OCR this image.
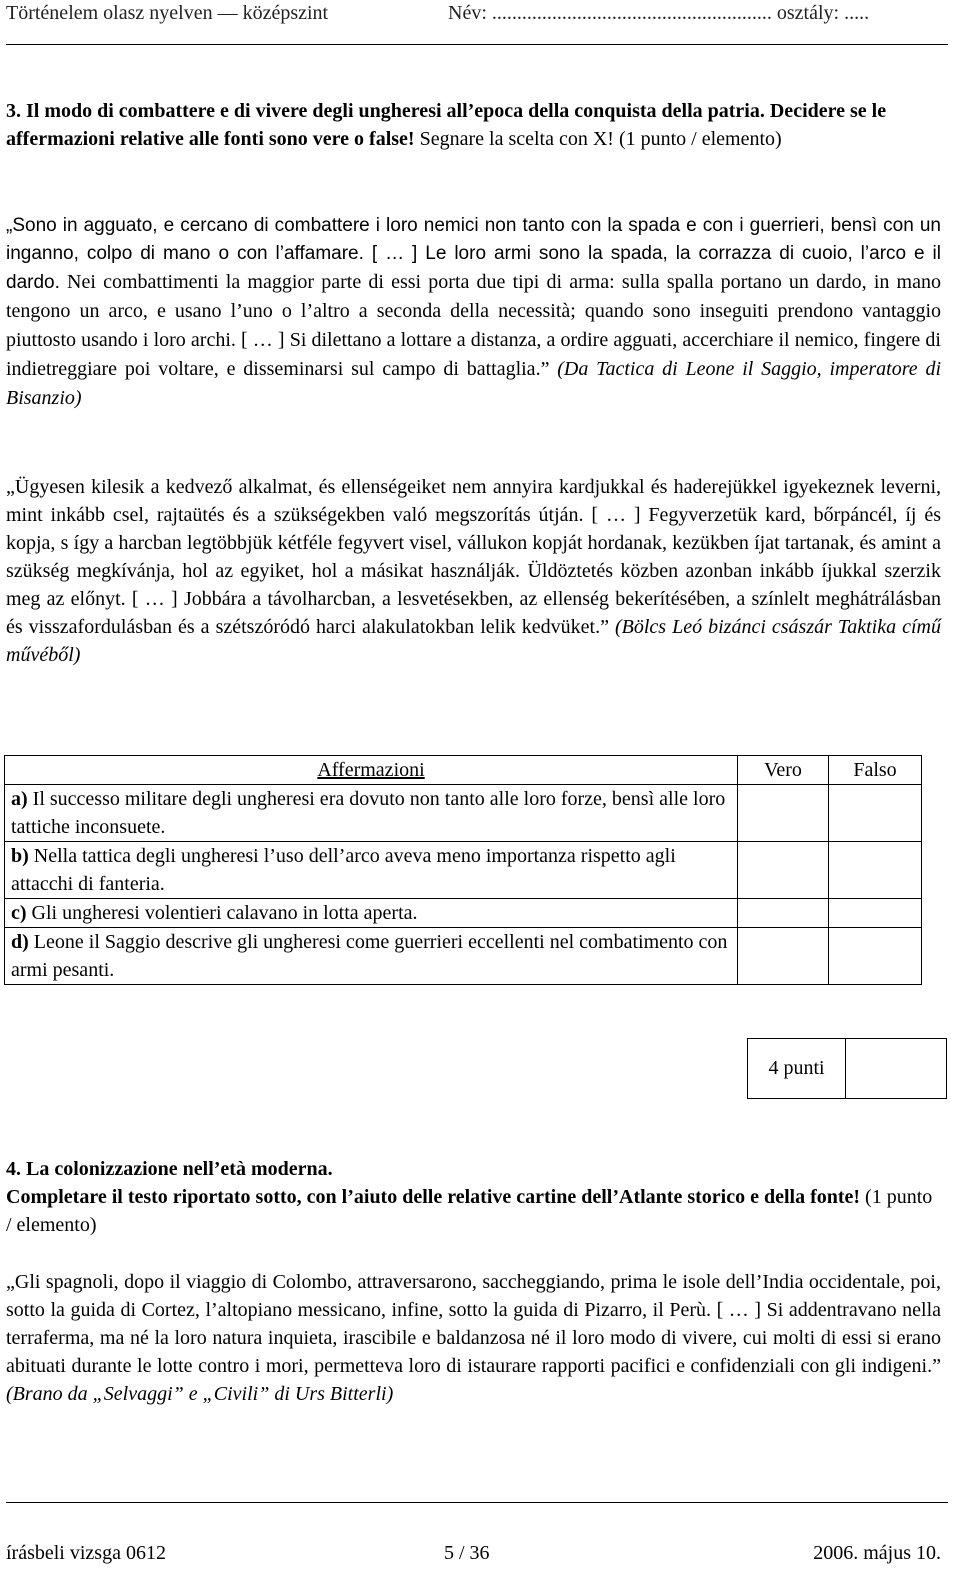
Történelem olasz nyelven — középszint	Név: ........................................................ osztály: .....
3. Il modo di combattere e di vivere degli ungheresi all’epoca della conquista della patria. Decidere se le affermazioni relative alle fonti sono vere o false! Segnare la scelta con X! (1 punto / elemento)
„Sono in agguato, e cercano di combattere i loro nemici non tanto con la spada e con i guerrieri, bensì con un inganno, colpo di mano o con l’affamare. [ … ] Le loro armi sono la spada, la corrazza di cuoio, l’arco e il dardo. Nei combattimenti la maggior parte di essi porta due tipi di arma: sulla spalla portano un dardo, in mano tengono un arco, e usano l’uno o l’altro a seconda della necessità; quando sono inseguiti prendono vantaggio piuttosto usando i loro archi. [ … ] Si dilettano a lottare a distanza, a ordire agguati, accerchiare il nemico, fingere di indietreggiare poi voltare, e disseminarsi sul campo di battaglia.” (Da Tactica di Leone il Saggio, imperatore di Bisanzio)
„Ügyesen kilesik a kedvező alkalmat, és ellenségeiket nem annyira kardjukkal és haderejükkel igyekeznek leverni, mint inkább csel, rajtaütés és a szükségekben való megszorítás útján. [ … ] Fegyverzetük kard, bőrpáncél, íj és kopja, s így a harcban legtöbbjük kétféle fegyvert visel, vállukon kopját hordanak, kezükben íjat tartanak, és amint a szükség megkívánja, hol az egyiket, hol a másikat használják. Üldöztetés közben azonban inkább íjukkal szerzik meg az előnyt. [ … ] Jobbára a távolharcban, a lesvetésekben, az ellenség bekerítésében, a színlelt meghátrálásban és visszafordulásban és a szétszóródó harci alakulatokban lelik kedvüket.” (Bölcs Leó bizánci császár Taktika című művéből)
Affermazioni	Vero	Falso
a) Il successo militare degli ungheresi era dovuto non tanto alle loro forze, bensì alle loro tattiche inconsuete.		
b) Nella tattica degli ungheresi l’uso dell’arco aveva meno importanza rispetto agli attacchi di fanteria.		
c) Gli ungheresi volentieri calavano in lotta aperta.		
d) Leone il Saggio descrive gli ungheresi come guerrieri eccellenti nel combatimento con armi pesanti.		
4 punti
4. La colonizzazione nell’età moderna.
Completare il testo riportato sotto, con l’aiuto delle relative cartine dell’Atlante storico e della fonte! (1 punto / elemento)
„Gli spagnoli, dopo il viaggio di Colombo, attraversarono, saccheggiando, prima le isole dell’India occidentale, poi, sotto la guida di Cortez, l’altopiano messicano, infine, sotto la guida di Pizarro, il Perù. [ … ] Si addentravano nella terraferma, ma né la loro natura inquieta, irascibile e baldanzosa né il loro modo di vivere, cui molti di essi si erano abituati durante le lotte contro i mori, permetteva loro di istaurare rapporti pacifici e confidenziali con gli indigeni.” (Brano da „Selvaggi” e „Civili” di Urs Bitterli)
írásbeli vizsga 0612	5 / 36	2006. május 10.
